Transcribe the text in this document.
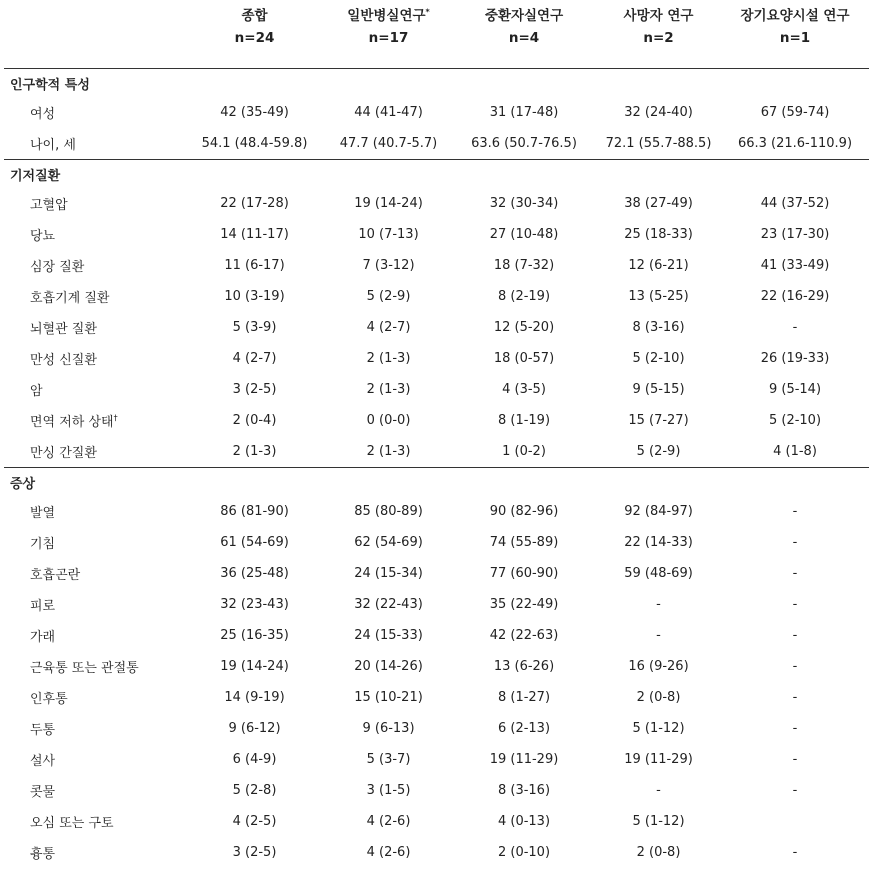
	종합	일반병실연구*	중환자실연구	사망자 연구	장기요양시설 연구
	n=24	n=17	n=4	n=2	n=1
인구학적 특성					
여성	42 (35-49)	44 (41-47)	31 (17-48)	32 (24-40)	67 (59-74)
나이, 세	54.1 (48.4-59.8)	47.7 (40.7-5.7)	63.6 (50.7-76.5)	72.1 (55.7-88.5)	66.3 (21.6-110.9)
기저질환					
고혈압	22 (17-28)	19 (14-24)	32 (30-34)	38 (27-49)	44 (37-52)
당뇨	14 (11-17)	10 (7-13)	27 (10-48)	25 (18-33)	23 (17-30)
심장 질환	11 (6-17)	7 (3-12)	18 (7-32)	12 (6-21)	41 (33-49)
호흡기계 질환	10 (3-19)	5 (2-9)	8 (2-19)	13 (5-25)	22 (16-29)
뇌혈관 질환	5 (3-9)	4 (2-7)	12 (5-20)	8 (3-16)	-
만성 신질환	4 (2-7)	2 (1-3)	18 (0-57)	5 (2-10)	26 (19-33)
암	3 (2-5)	2 (1-3)	4 (3-5)	9 (5-15)	9 (5-14)
면역 저하 상태†	2 (0-4)	0 (0-0)	8 (1-19)	15 (7-27)	5 (2-10)
만싱 간질환	2 (1-3)	2 (1-3)	1 (0-2)	5 (2-9)	4 (1-8)
증상					
발열	86 (81-90)	85 (80-89)	90 (82-96)	92 (84-97)	-
기침	61 (54-69)	62 (54-69)	74 (55-89)	22 (14-33)	-
호흡곤란	36 (25-48)	24 (15-34)	77 (60-90)	59 (48-69)	-
피로	32 (23-43)	32 (22-43)	35 (22-49)	-	-
가래	25 (16-35)	24 (15-33)	42 (22-63)	-	-
근육통 또는 관절통	19 (14-24)	20 (14-26)	13 (6-26)	16 (9-26)	-
인후통	14 (9-19)	15 (10-21)	8 (1-27)	2 (0-8)	-
두통	9 (6-12)	9 (6-13)	6 (2-13)	5 (1-12)	-
설사	6 (4-9)	5 (3-7)	19 (11-29)	19 (11-29)	-
콧물	5 (2-8)	3 (1-5)	8 (3-16)	-	-
오심 또는 구토	4 (2-5)	4 (2-6)	4 (0-13)	5 (1-12)	
흉통	3 (2-5)	4 (2-6)	2 (0-10)	2 (0-8)	-
